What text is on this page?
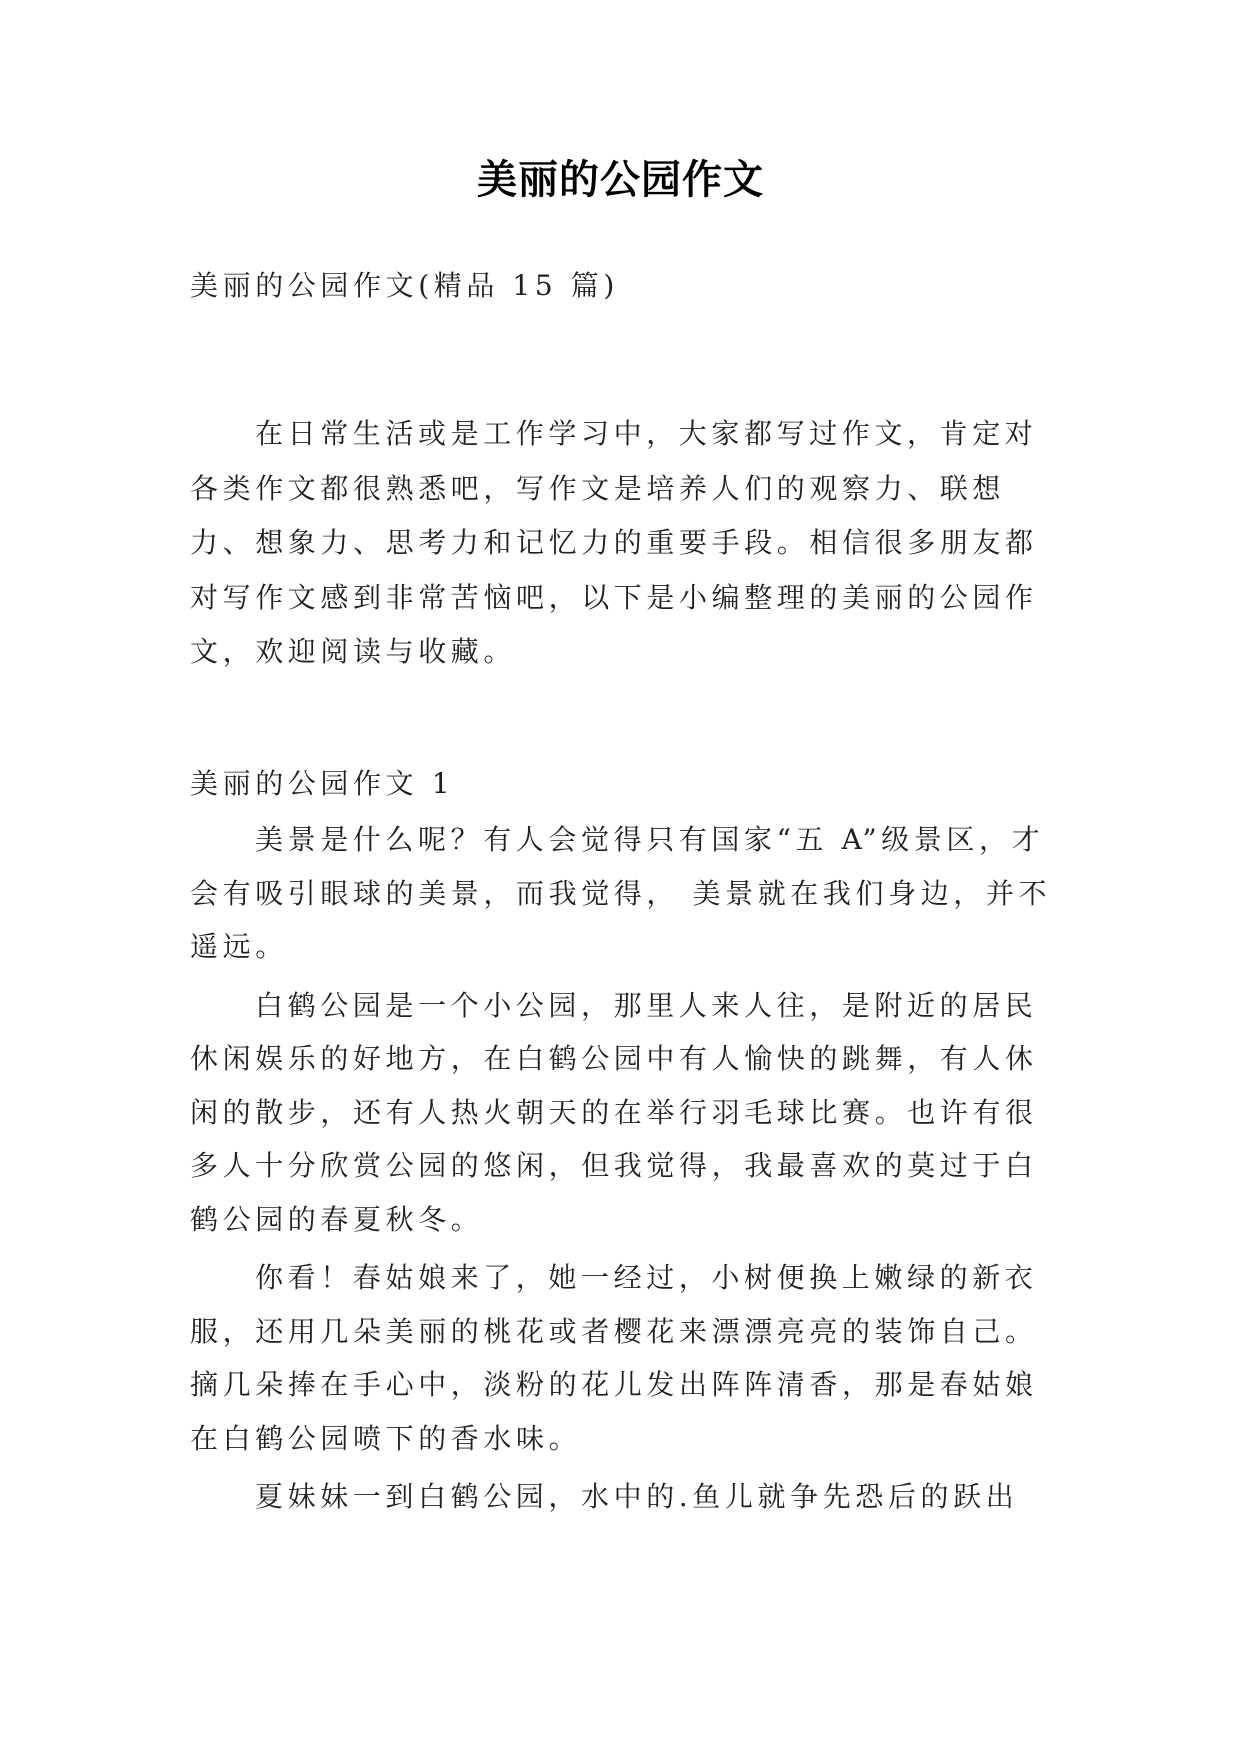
美丽的公园作文
美丽的公园作文(精品 15 篇)
在日常生活或是工作学习中，大家都写过作文，肯定对各类作文都很熟悉吧，写作文是培养人们的观察力、联想力、想象力、思考力和记忆力的重要手段。相信很多朋友都对写作文感到非常苦恼吧，以下是小编整理的美丽的公园作文，欢迎阅读与收藏。
美丽的公园作文 1

美景是什么呢？有人会觉得只有国家“五 A”级景区，才会有吸引眼球的美景，而我觉得， 美景就在我们身边，并不遥远。

白鹤公园是一个小公园，那里人来人往，是附近的居民休闲娱乐的好地方，在白鹤公园中有人愉快的跳舞，有人休闲的散步，还有人热火朝天的在举行羽毛球比赛。也许有很多人十分欣赏公园的悠闲，但我觉得，我最喜欢的莫过于白鹤公园的春夏秋冬。

你看！春姑娘来了，她一经过，小树便换上嫩绿的新衣服，还用几朵美丽的桃花或者樱花来漂漂亮亮的装饰自己。摘几朵捧在手心中，淡粉的花儿发出阵阵清香，那是春姑娘在白鹤公园喷下的香水味。

夏妹妹一到白鹤公园，水中的.鱼儿就争先恐后的跃出
